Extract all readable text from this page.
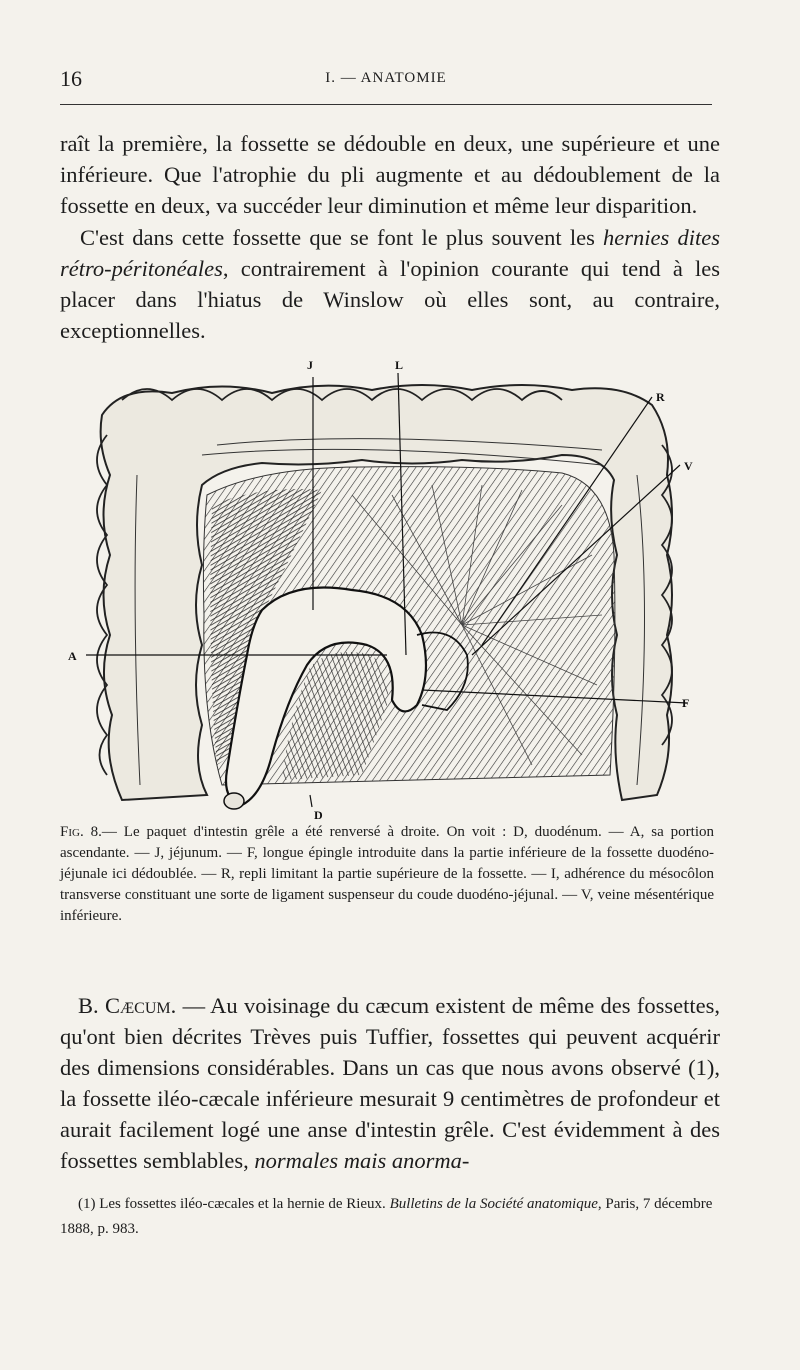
16	I. — ANATOMIE

raît la première, la fossette se dédouble en deux, une supérieure et une inférieure. Que l'atrophie du pli augmente et au dédoublement de la fossette en deux, va succéder leur diminution et même leur disparition.

C'est dans cette fossette que se font le plus souvent les hernies dites rétro-péritonéales, contrairement à l'opinion courante qui tend à les placer dans l'hiatus de Winslow où elles sont, au contraire, exceptionnelles.

J	L
R
V
A
F
D

Fig. 8.— Le paquet d'intestin grêle a été renversé à droite. On voit : D, duodénum. — A, sa portion ascendante. — J, jéjunum. — F, longue épingle introduite dans la partie inférieure de la fossette duodéno-jéjunale ici dédoublée. — R, repli limitant la partie supérieure de la fossette. — I, adhérence du mésocôlon transverse constituant une sorte de ligament suspenseur du coude duodéno-jéjunal. — V, veine mésentérique inférieure.

B. Cæcum. — Au voisinage du cæcum existent de même des fossettes, qu'ont bien décrites Trèves puis Tuffier, fossettes qui peuvent acquérir des dimensions considérables. Dans un cas que nous avons observé (1), la fossette iléo-cæcale inférieure mesurait 9 centimètres de profondeur et aurait facilement logé une anse d'intestin grêle. C'est évidemment à des fossettes semblables, normales mais anorma-

(1) Les fossettes iléo-cæcales et la hernie de Rieux. Bulletins de la Société anatomique, Paris, 7 décembre 1888, p. 983.
